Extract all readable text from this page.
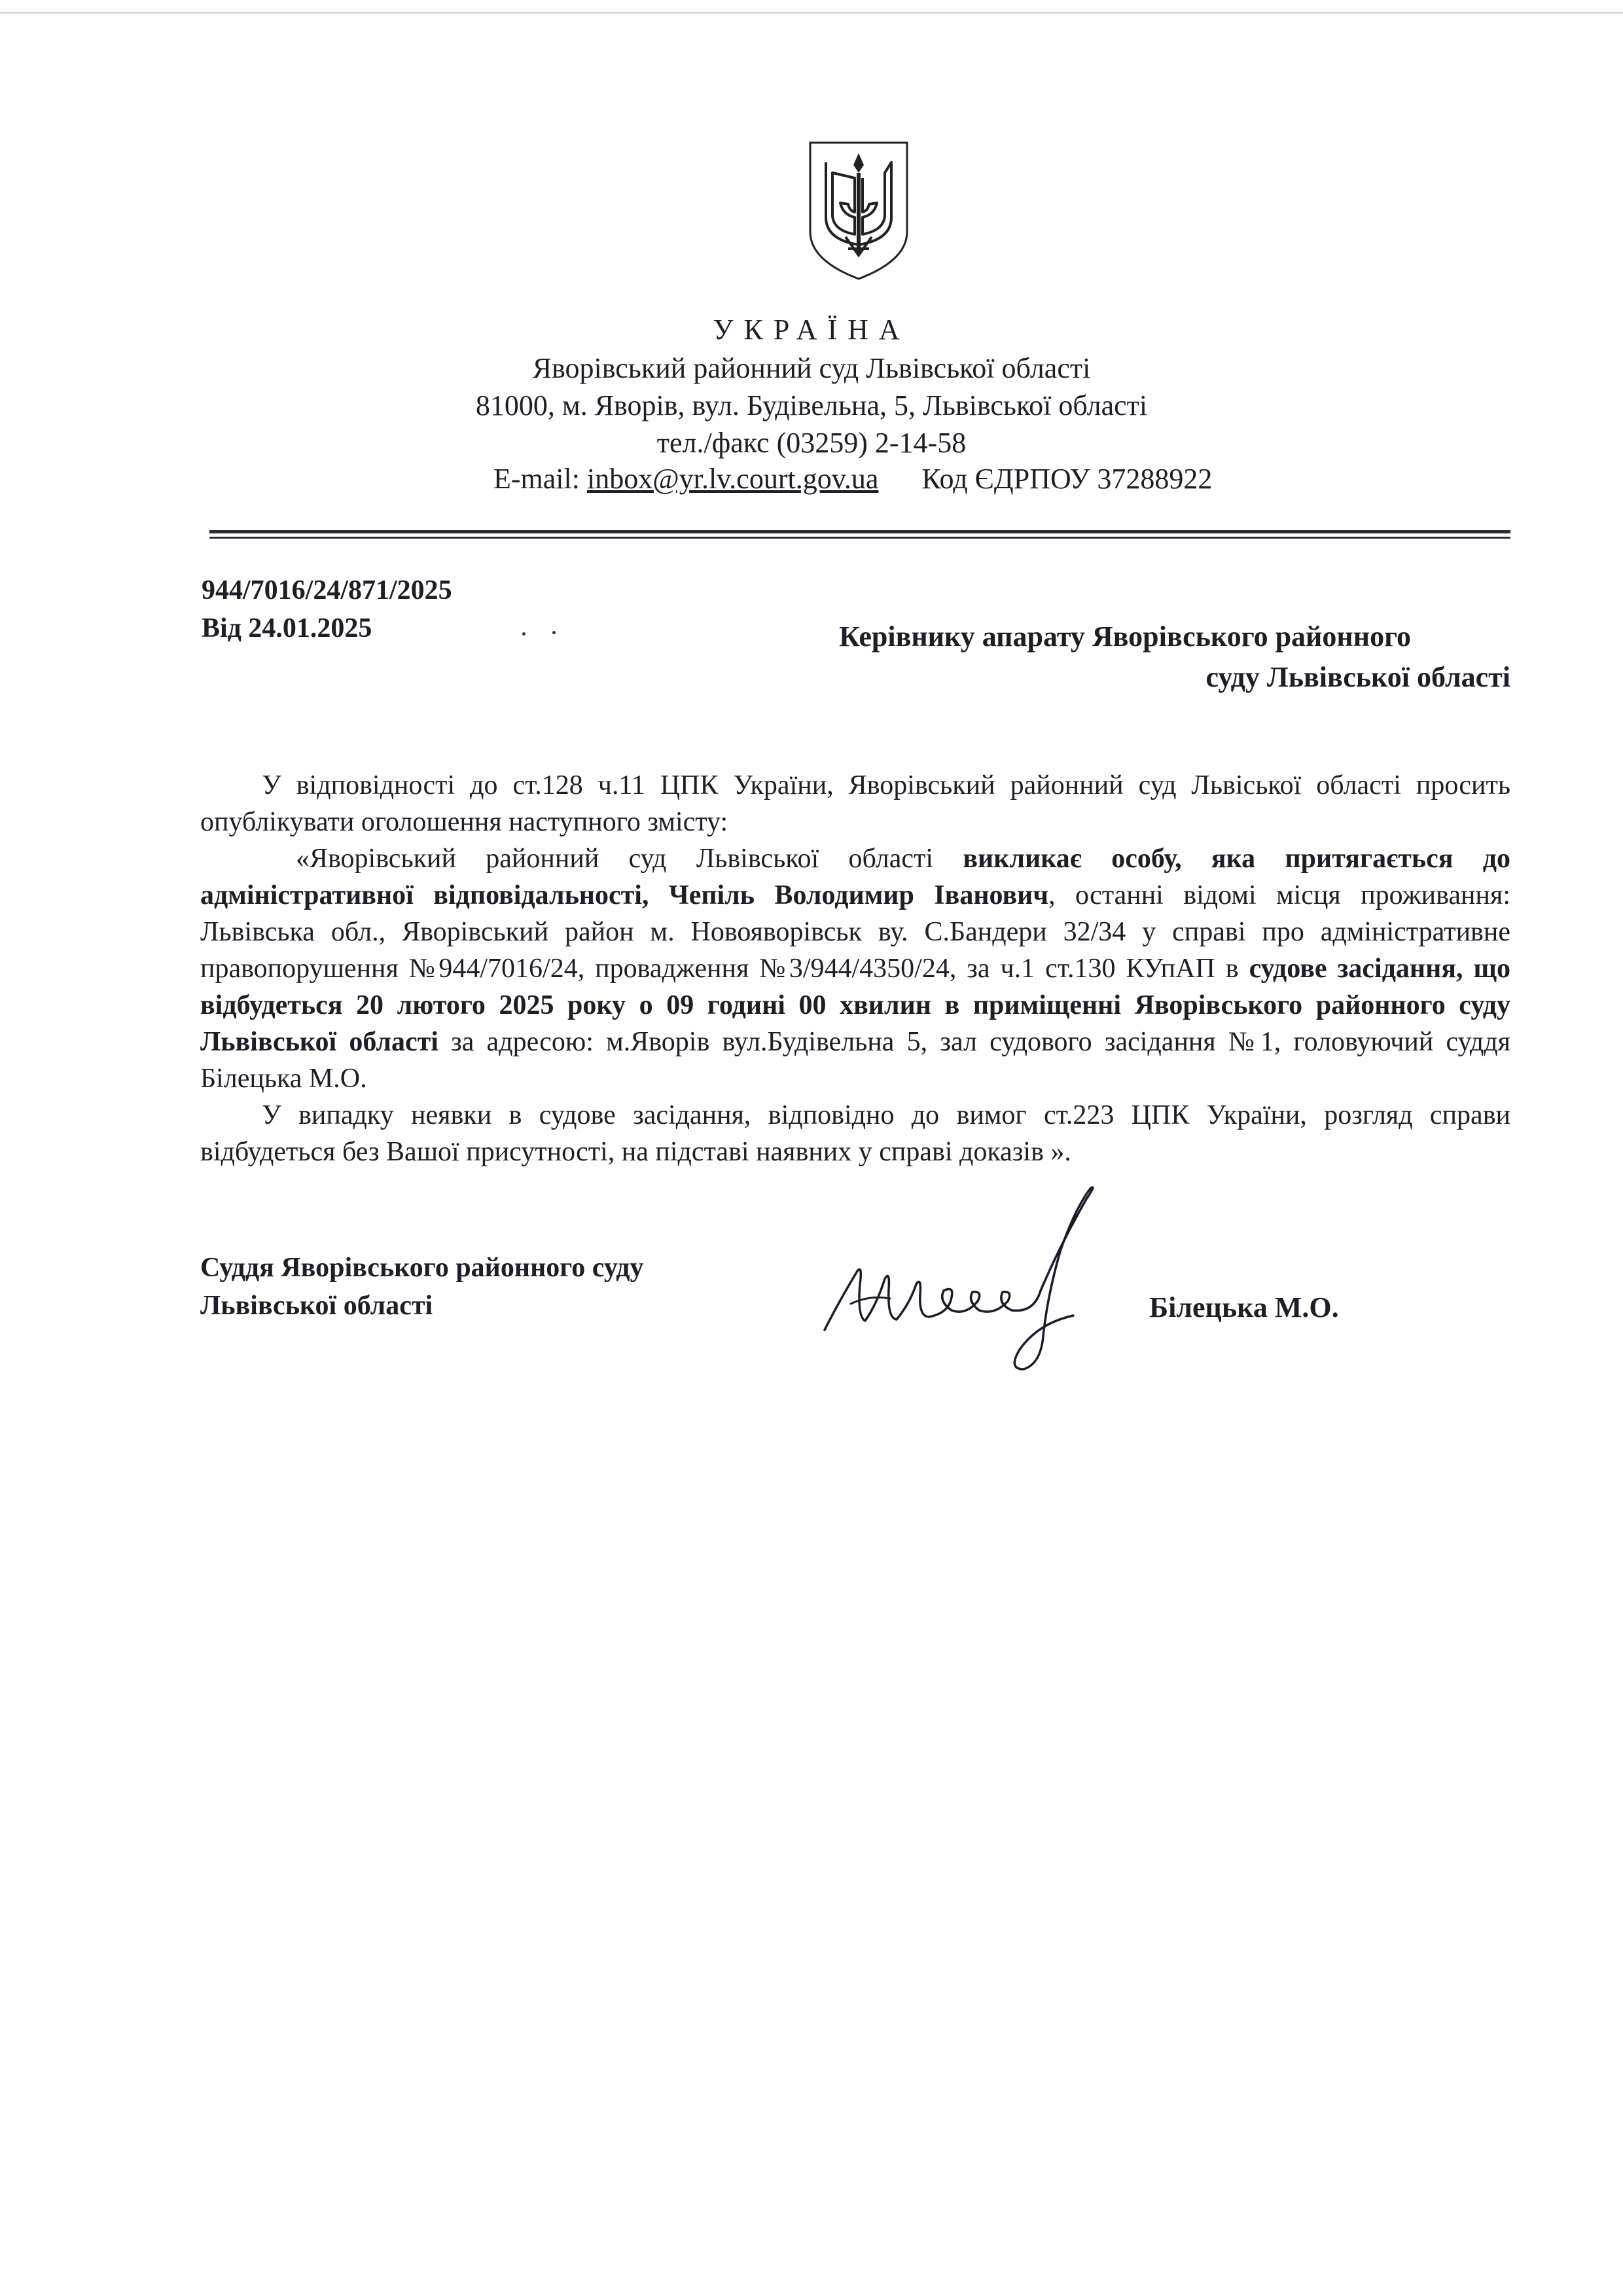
УКРАЇНА
Яворівський районний суд Львівської області
81000, м. Яворів, вул. Будівельна, 5, Львівської області
тел./факс (03259) 2-14-58
E-mail: inbox@yr.lv.court.gov.ua Код ЄДРПОУ 37288922
944/7016/24/871/2025
Від 24.01.2025	Керівнику апарату Яворівського районного
суду Львівської області

У відповідності до ст.128 ч.11 ЦПК України, Яворівський районний суд Львіської області просить опублікувати оголошення наступного змісту:

«Яворівський районний суд Львівської області викликає особу, яка притягається до адміністративної відповідальності, Чепіль Володимир Іванович, останні відомі місця проживання: Львівська обл., Яворівський район м. Новояворівськ ву. С.Бандери 32/34 у справі про адміністративне правопорушення №944/7016/24, провадження №3/944/4350/24, за ч.1 ст.130 КУпАП в судове засідання, що відбудеться 20 лютого 2025 року о 09 годині 00 хвилин в приміщенні Яворівського районного суду Львівської області за адресою: м.Яворів вул.Будівельна 5, зал судового засідання №1, головуючий суддя Білецька М.О.

У випадку неявки в судове засідання, відповідно до вимог ст.223 ЦПК України, розгляд справи відбудеться без Вашої присутності, на підставі наявних у справі доказів ».

Суддя Яворівського районного суду
Львівської області	Білецька М.О.
